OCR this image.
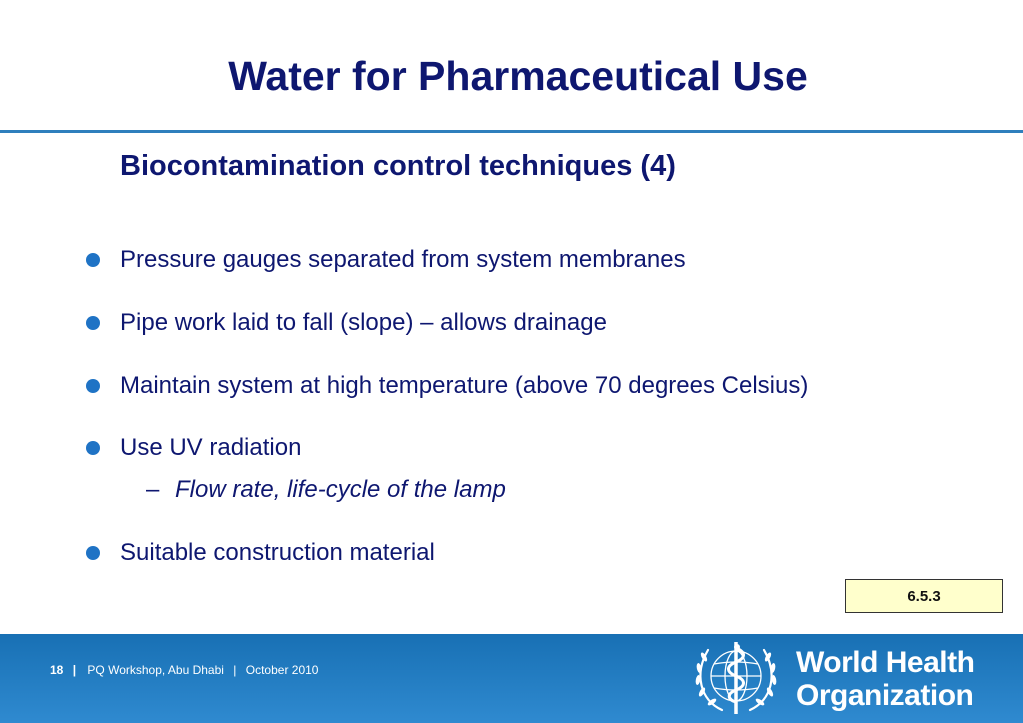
Water for Pharmaceutical Use
Biocontamination control techniques (4)
Pressure gauges separated from system membranes
Pipe work laid to fall (slope) – allows drainage
Maintain system at high temperature (above 70 degrees Celsius)
Use UV radiation
– Flow rate, life-cycle of the lamp
Suitable construction material
6.5.3
18 | PQ Workshop, Abu Dhabi | October 2010	World Health
Organization
